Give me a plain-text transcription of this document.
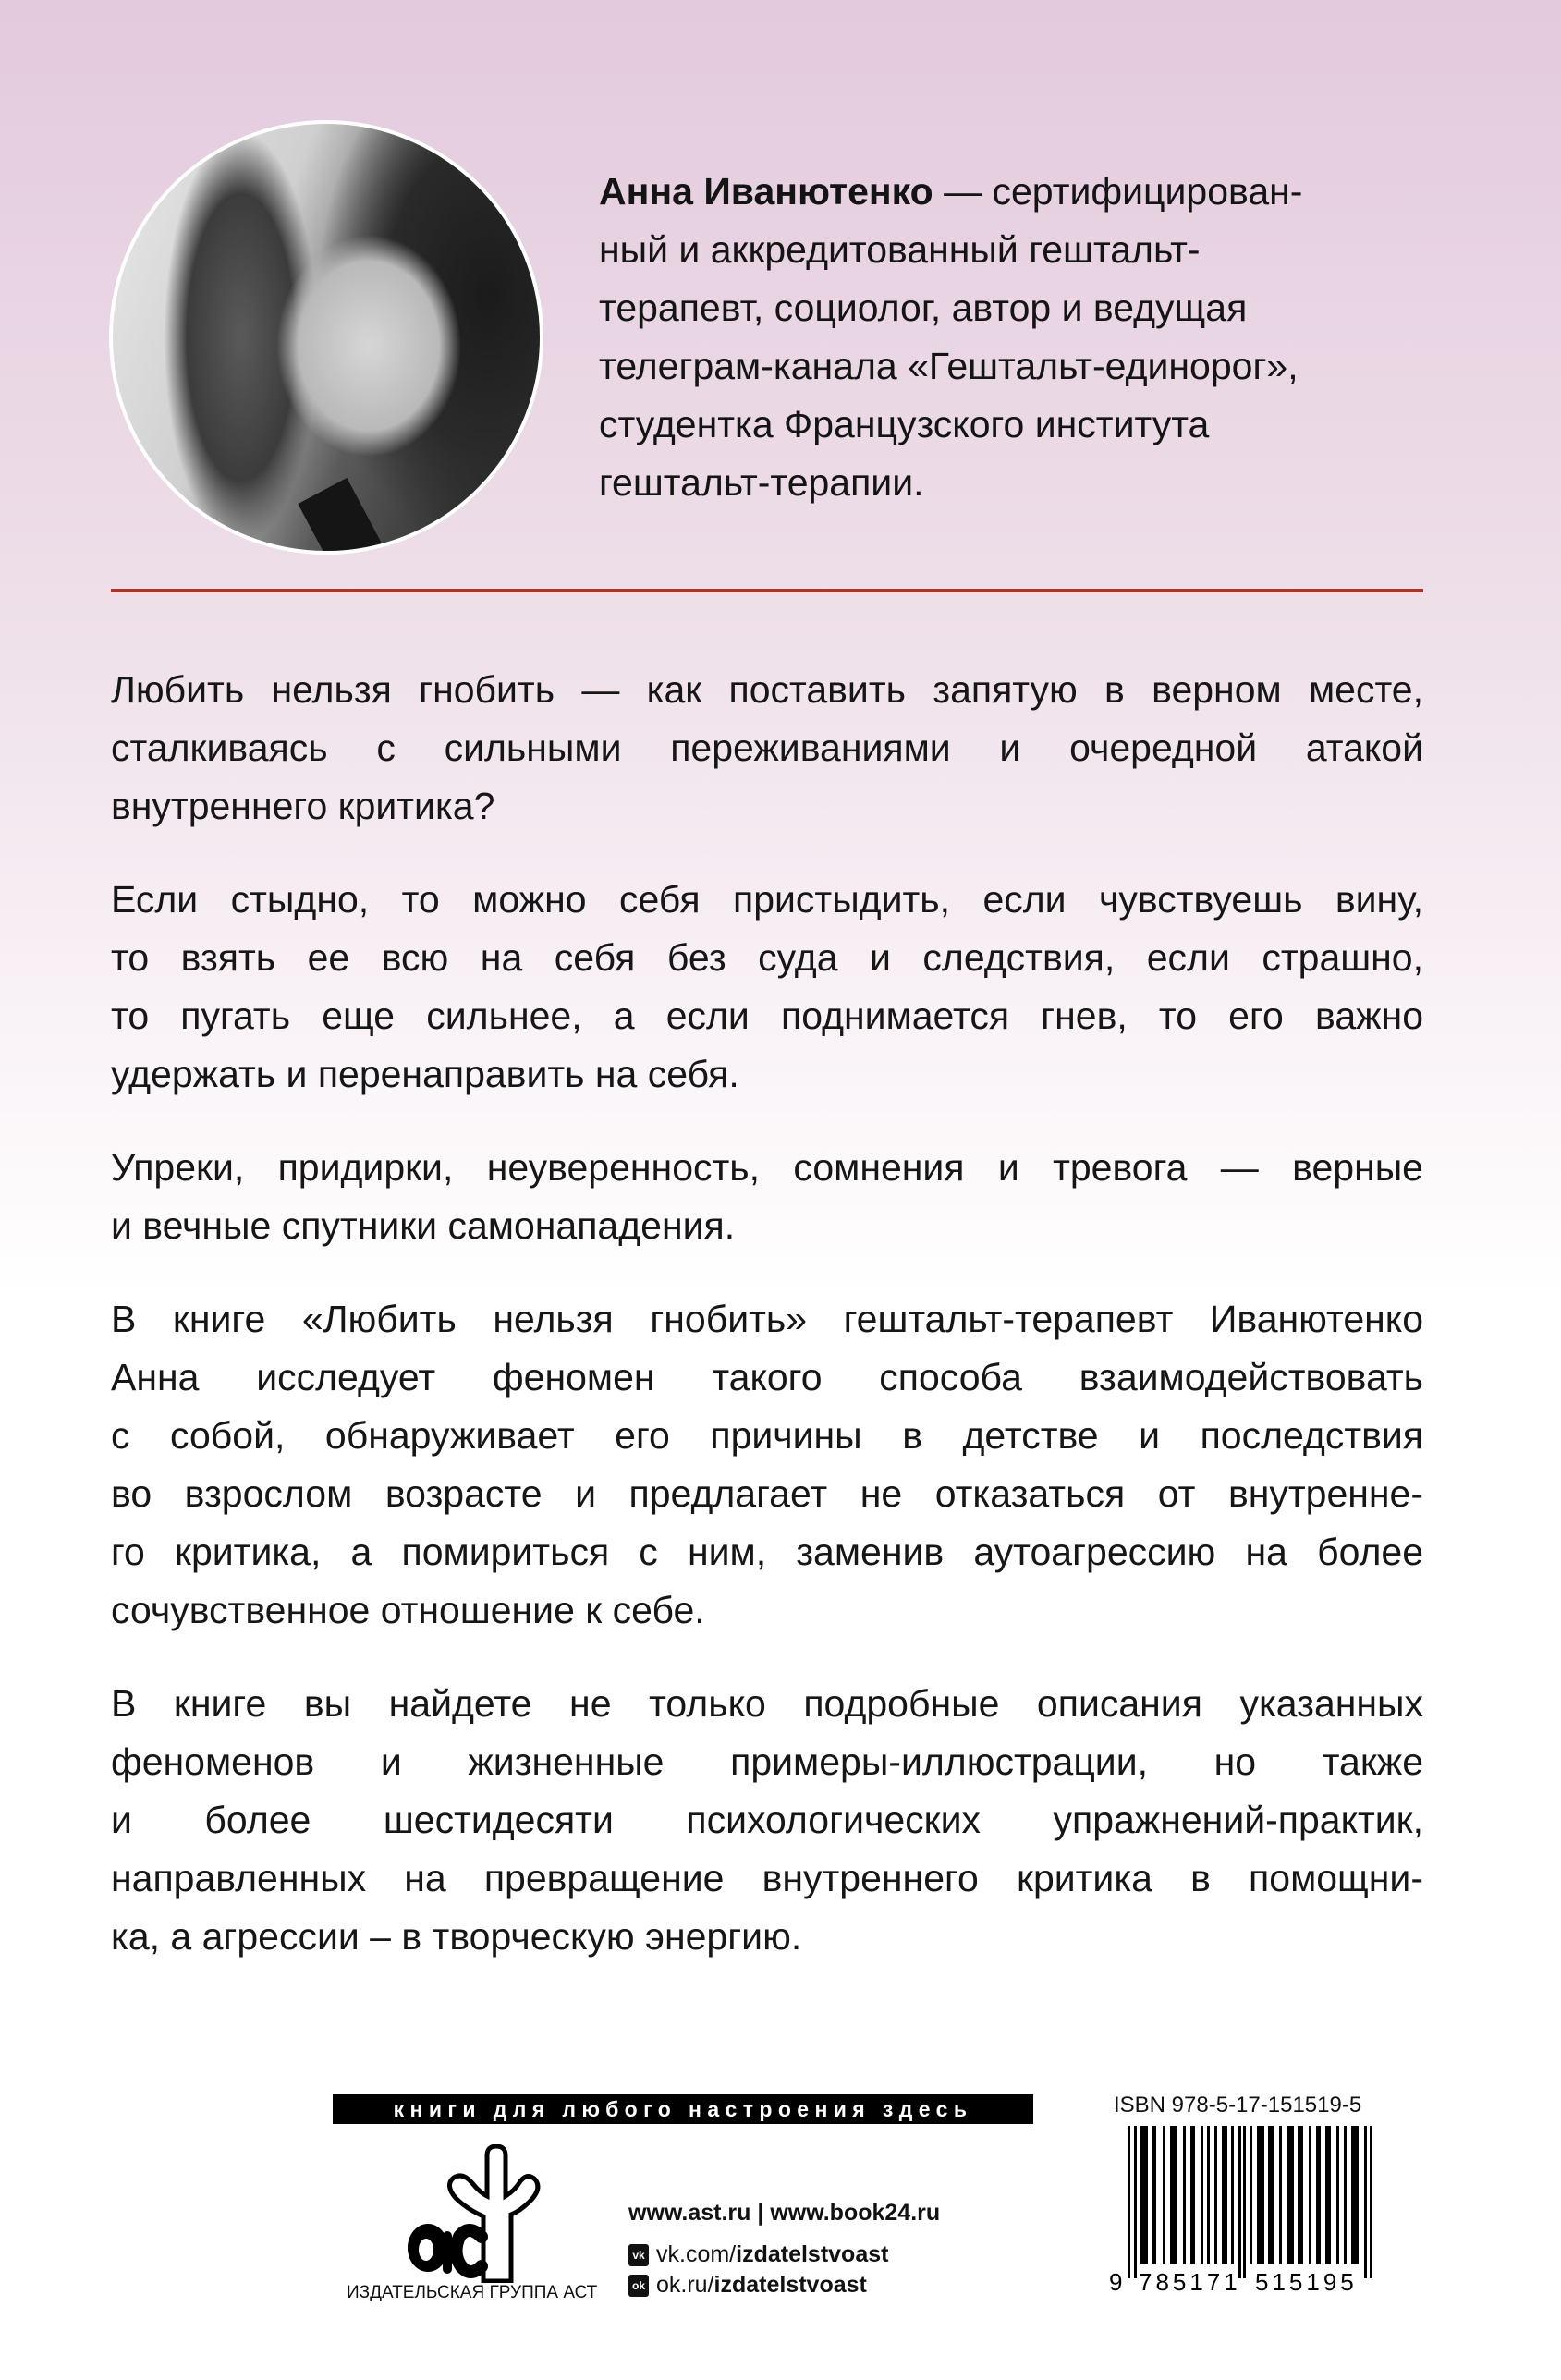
Анна Иванютенко — сертифицирован-
ный и аккредитованный гештальт-
терапевт, социолог, автор и ведущая
телеграм-канала «Гештальт-единорог»,
студентка Французского института
гештальт-терапии.

Любить нельзя гнобить — как поставить запятую в верном месте,
сталкиваясь с сильными переживаниями и очередной атакой
внутреннего критика?

Если стыдно, то можно себя пристыдить, если чувствуешь вину,
то взять ее всю на себя без суда и следствия, если страшно,
то пугать еще сильнее, а если поднимается гнев, то его важно
удержать и перенаправить на себя.

Упреки, придирки, неуверенность, сомнения и тревога — верные
и вечные спутники самонападения.

В книге «Любить нельзя гнобить» гештальт-терапевт Иванютенко
Анна исследует феномен такого способа взаимодействовать
с собой, обнаруживает его причины в детстве и последствия
во взрослом возрасте и предлагает не отказаться от внутренне-
го критика, а помириться с ним, заменив аутоагрессию на более
сочувственное отношение к себе.

В книге вы найдете не только подробные описания указанных
феноменов и жизненные примеры-иллюстрации, но также
и более шестидесяти психологических упражнений-практик,
направленных на превращение внутреннего критика в помощни-
ка, а агрессии – в творческую энергию.

книги для любого настроения здесь
ИЗДАТЕЛЬСКАЯ ГРУППА АСТ
www.ast.ru | www.book24.ru
vk vk.com/ izdatelstvoast
ok ok.ru/ izdatelstvoast
ISBN 978-5-17-151519-5
9 785171 515195
